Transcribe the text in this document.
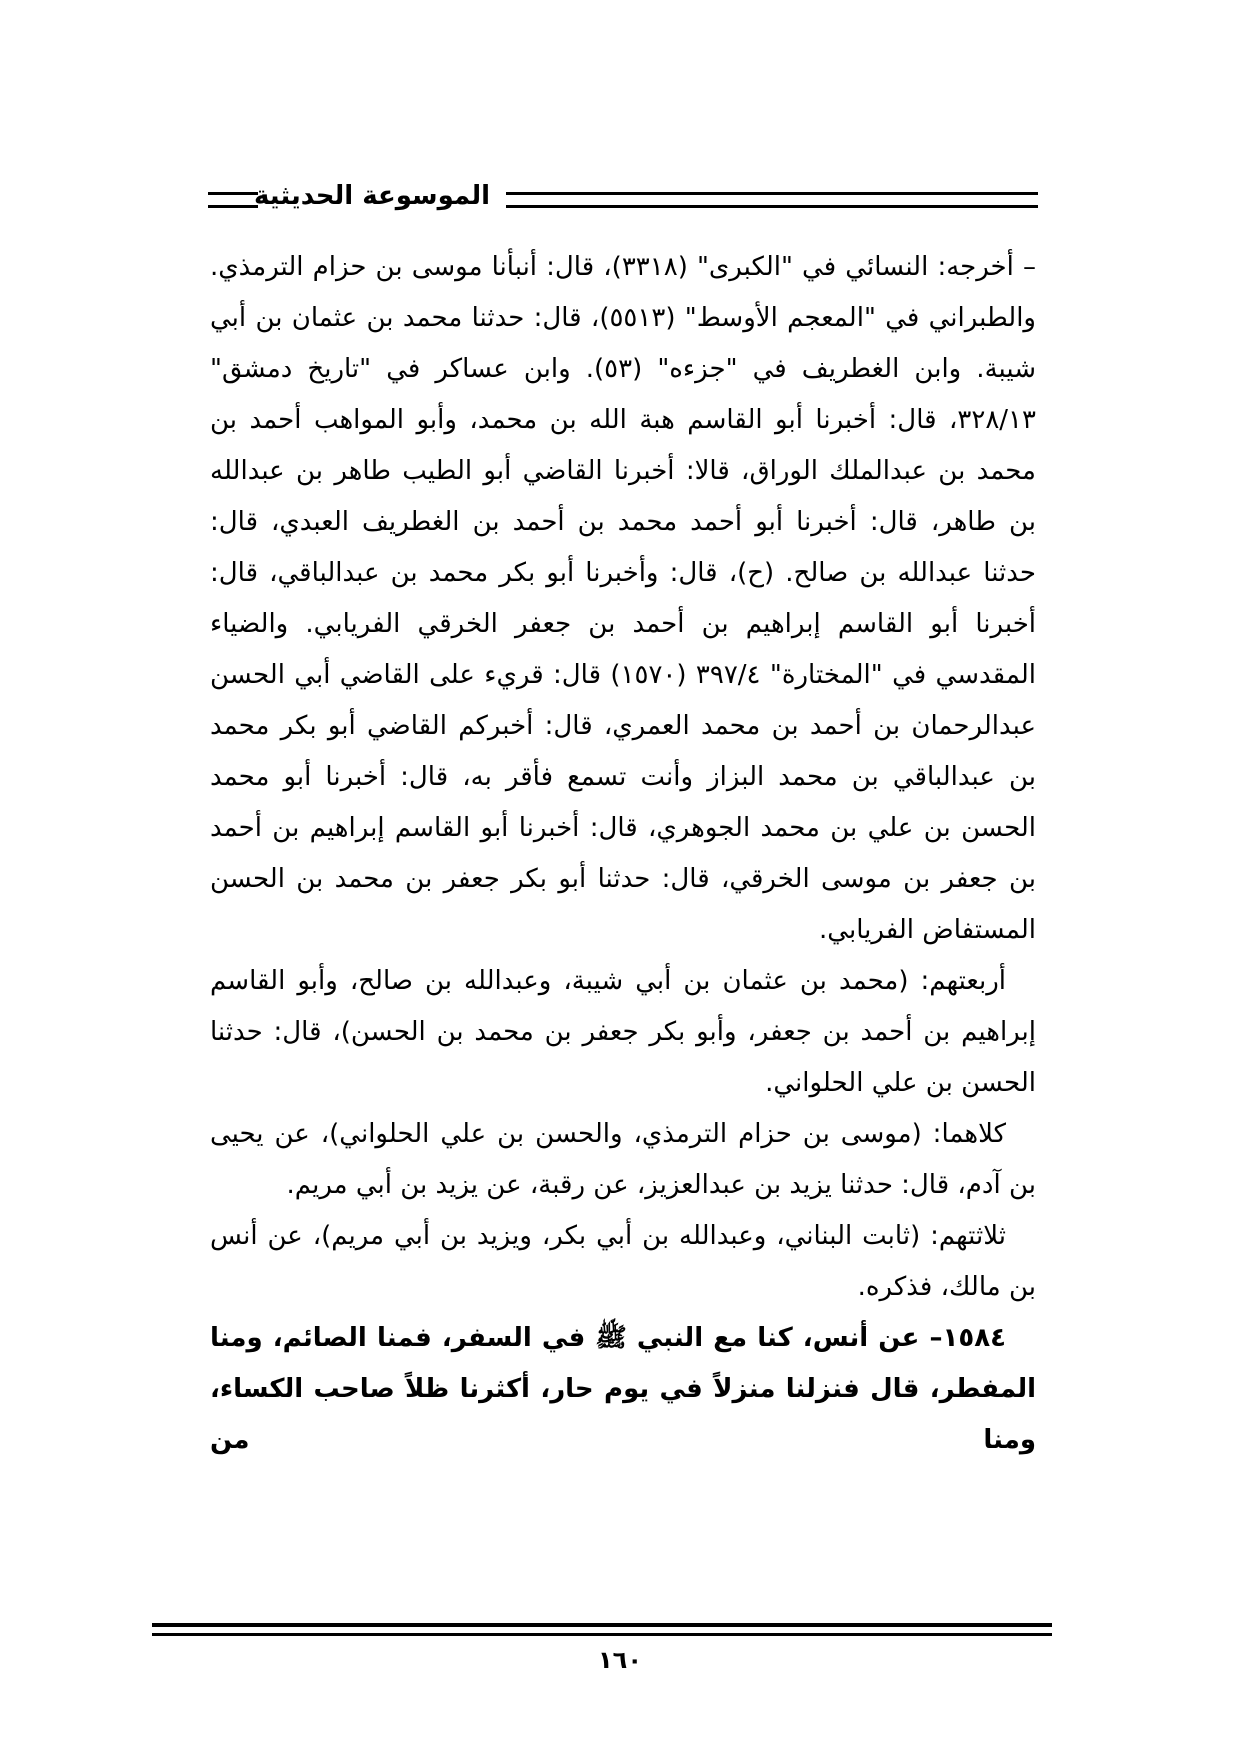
الموسوعة الحديثية

– أخرجه: النسائي في "الكبرى" (٣٣١٨)، قال: أنبأنا موسى بن حزام الترمذي. والطبراني في "المعجم الأوسط" (٥٥١٣)، قال: حدثنا محمد بن عثمان بن أبي شيبة. وابن الغطريف في "جزءه" (٥٣). وابن عساكر في "تاريخ دمشق" ٣٢٨/١٣، قال: أخبرنا أبو القاسم هبة الله بن محمد، وأبو المواهب أحمد بن محمد بن عبدالملك الوراق، قالا: أخبرنا القاضي أبو الطيب طاهر بن عبدالله بن طاهر، قال: أخبرنا أبو أحمد محمد بن أحمد بن الغطريف العبدي، قال: حدثنا عبدالله بن صالح. (ح)، قال: وأخبرنا أبو بكر محمد بن عبدالباقي، قال: أخبرنا أبو القاسم إبراهيم بن أحمد بن جعفر الخرقي الفريابي. والضياء المقدسي في "المختارة" ٣٩٧/٤ (١٥٧٠) قال: قريء على القاضي أبي الحسن عبدالرحمان بن أحمد بن محمد العمري، قال: أخبركم القاضي أبو بكر محمد بن عبدالباقي بن محمد البزاز وأنت تسمع فأقر به، قال: أخبرنا أبو محمد الحسن بن علي بن محمد الجوهري، قال: أخبرنا أبو القاسم إبراهيم بن أحمد بن جعفر بن موسى الخرقي، قال: حدثنا أبو بكر جعفر بن محمد بن الحسن المستفاض الفريابي.

أربعتهم: (محمد بن عثمان بن أبي شيبة، وعبدالله بن صالح، وأبو القاسم إبراهيم بن أحمد بن جعفر، وأبو بكر جعفر بن محمد بن الحسن)، قال: حدثنا الحسن بن علي الحلواني.

كلاهما: (موسى بن حزام الترمذي، والحسن بن علي الحلواني)، عن يحيى بن آدم، قال: حدثنا يزيد بن عبدالعزيز، عن رقبة، عن يزيد بن أبي مريم.

ثلاثتهم: (ثابت البناني، وعبدالله بن أبي بكر، ويزيد بن أبي مريم)، عن أنس بن مالك، فذكره.

١٥٨٤– عن أنس، كنا مع النبي ﷺ في السفر، فمنا الصائم، ومنا المفطر، قال فنزلنا منزلاً في يوم حار، أكثرنا ظلاً صاحب الكساء، ومنا من

١٦٠
